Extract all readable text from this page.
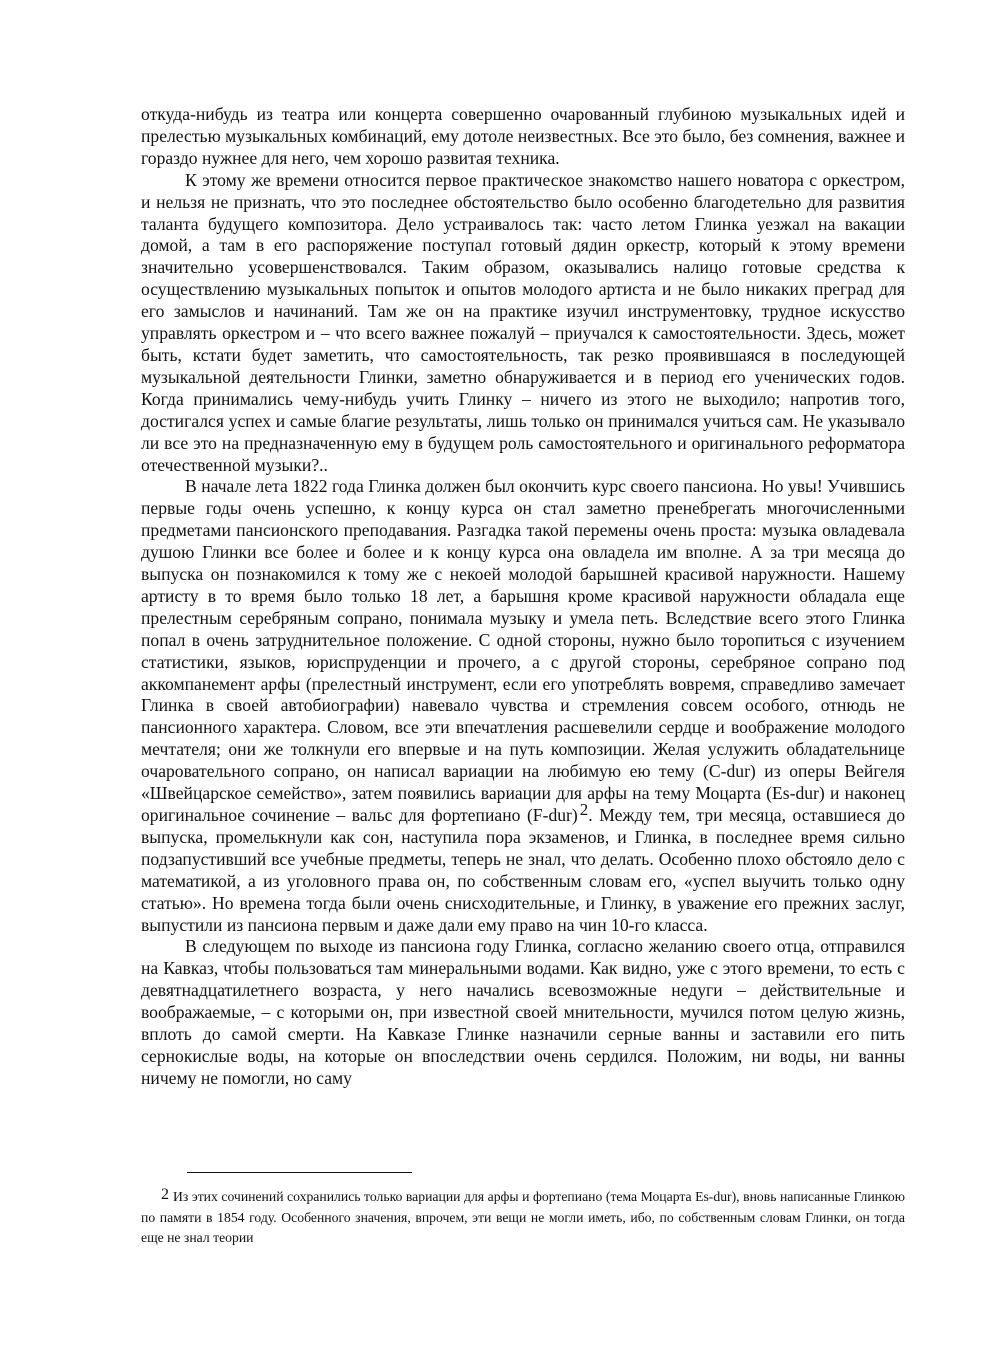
откуда-нибудь из театра или концерта совершенно очарованный глубиною музыкальных идей и прелестью музыкальных комбинаций, ему дотоле неизвестных. Все это было, без сомнения, важнее и гораздо нужнее для него, чем хорошо развитая техника.

К этому же времени относится первое практическое знакомство нашего новатора с оркестром, и нельзя не признать, что это последнее обстоятельство было особенно благодетельно для развития таланта будущего композитора. Дело устраивалось так: часто летом Глинка уезжал на вакации домой, а там в его распоряжение поступал готовый дядин оркестр, который к этому времени значительно усовершенствовался. Таким образом, оказывались налицо готовые средства к осуществлению музыкальных попыток и опытов молодого артиста и не было никаких преград для его замыслов и начинаний. Там же он на практике изучил инструментовку, трудное искусство управлять оркестром и – что всего важнее пожалуй – приучался к самостоятельности. Здесь, может быть, кстати будет заметить, что самостоятельность, так резко проявившаяся в последующей музыкальной деятельности Глинки, заметно обнаруживается и в период его ученических годов. Когда принимались чему-нибудь учить Глинку – ничего из этого не выходило; напротив того, достигался успех и самые благие результаты, лишь только он принимался учиться сам. Не указывало ли все это на предназначенную ему в будущем роль самостоятельного и оригинального реформатора отечественной музыки?..

В начале лета 1822 года Глинка должен был окончить курс своего пансиона. Но увы! Учившись первые годы очень успешно, к концу курса он стал заметно пренебрегать многочисленными предметами пансионского преподавания. Разгадка такой перемены очень проста: музыка овладевала душою Глинки все более и более и к концу курса она овладела им вполне. А за три месяца до выпуска он познакомился к тому же с некоей молодой барышней красивой наружности. Нашему артисту в то время было только 18 лет, а барышня кроме красивой наружности обладала еще прелестным серебряным сопрано, понимала музыку и умела петь. Вследствие всего этого Глинка попал в очень затруднительное положение. С одной стороны, нужно было торопиться с изучением статистики, языков, юриспруденции и прочего, а с другой стороны, серебряное сопрано под аккомпанемент арфы (прелестный инструмент, если его употреблять вовремя, справедливо замечает Глинка в своей автобиографии) навевало чувства и стремления совсем особого, отнюдь не пансионного характера. Словом, все эти впечатления расшевелили сердце и воображение молодого мечтателя; они же толкнули его впервые и на путь композиции. Желая услужить обладательнице очаровательного сопрано, он написал вариации на любимую ею тему (C-dur) из оперы Вейгеля «Швейцарское семейство», затем появились вариации для арфы на тему Моцарта (Es-dur) и наконец оригинальное сочинение – вальс для фортепиано (F-dur) $^2$. Между тем, три месяца, оставшиеся до выпуска, промелькнули как сон, наступила пора экзаменов, и Глинка, в последнее время сильно подзапустивший все учебные предметы, теперь не знал, что делать. Особенно плохо обстояло дело с математикой, а из уголовного права он, по собственным словам его, «успел выучить только одну статью». Но времена тогда были очень снисходительные, и Глинку, в уважение его прежних заслуг, выпустили из пансиона первым и даже дали ему право на чин 10-го класса.

В следующем по выходе из пансиона году Глинка, согласно желанию своего отца, отправился на Кавказ, чтобы пользоваться там минеральными водами. Как видно, уже с этого времени, то есть с девятнадцатилетнего возраста, у него начались всевозможные недуги – действительные и воображаемые, – с которыми он, при известной своей мнительности, мучился потом целую жизнь, вплоть до самой смерти. На Кавказе Глинке назначили серные ванны и заставили его пить сернокислые воды, на которые он впоследствии очень сердился. Положим, ни воды, ни ванны ничему не помогли, но саму

2 Из этих сочинений сохранились только вариации для арфы и фортепиано (тема Моцарта Es-dur), вновь написанные Глинкою по памяти в 1854 году. Особенного значения, впрочем, эти вещи не могли иметь, ибо, по собственным словам Глинки, он тогда еще не знал теории
